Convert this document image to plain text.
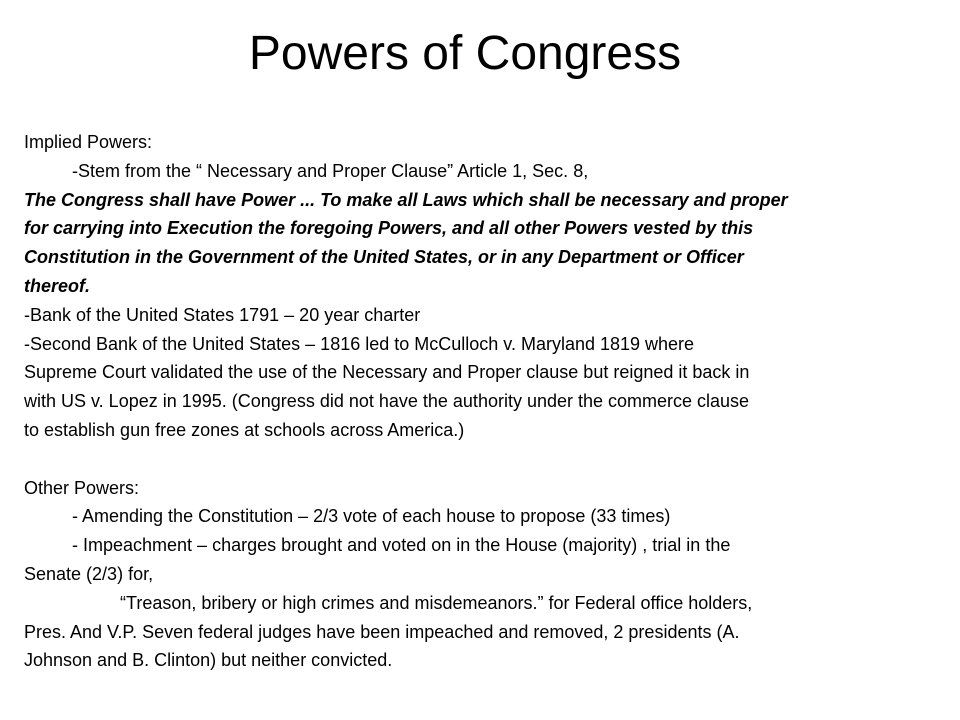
Powers of Congress
Implied Powers:
-Stem from the “ Necessary and Proper Clause” Article 1, Sec. 8,
The Congress shall have Power ... To make all Laws which shall be necessary and proper
for carrying into Execution the foregoing Powers, and all other Powers vested by this
Constitution in the Government of the United States, or in any Department or Officer
thereof.
-Bank of the United States 1791 – 20 year charter
-Second Bank of the United States – 1816 led to McCulloch v. Maryland 1819 where
Supreme Court validated the use of the Necessary and Proper clause but reigned it back in
with US v. Lopez in 1995. (Congress did not have the authority under the commerce clause
to establish gun free zones at schools across America.)
Other Powers:
- Amending the Constitution – 2/3 vote of each house to propose (33 times)
- Impeachment – charges brought and voted on in the House (majority) , trial in the
Senate (2/3) for,
“Treason, bribery or high crimes and misdemeanors.” for Federal office holders,
Pres. And V.P. Seven federal judges have been impeached and removed, 2 presidents (A.
Johnson and B. Clinton) but neither convicted.
